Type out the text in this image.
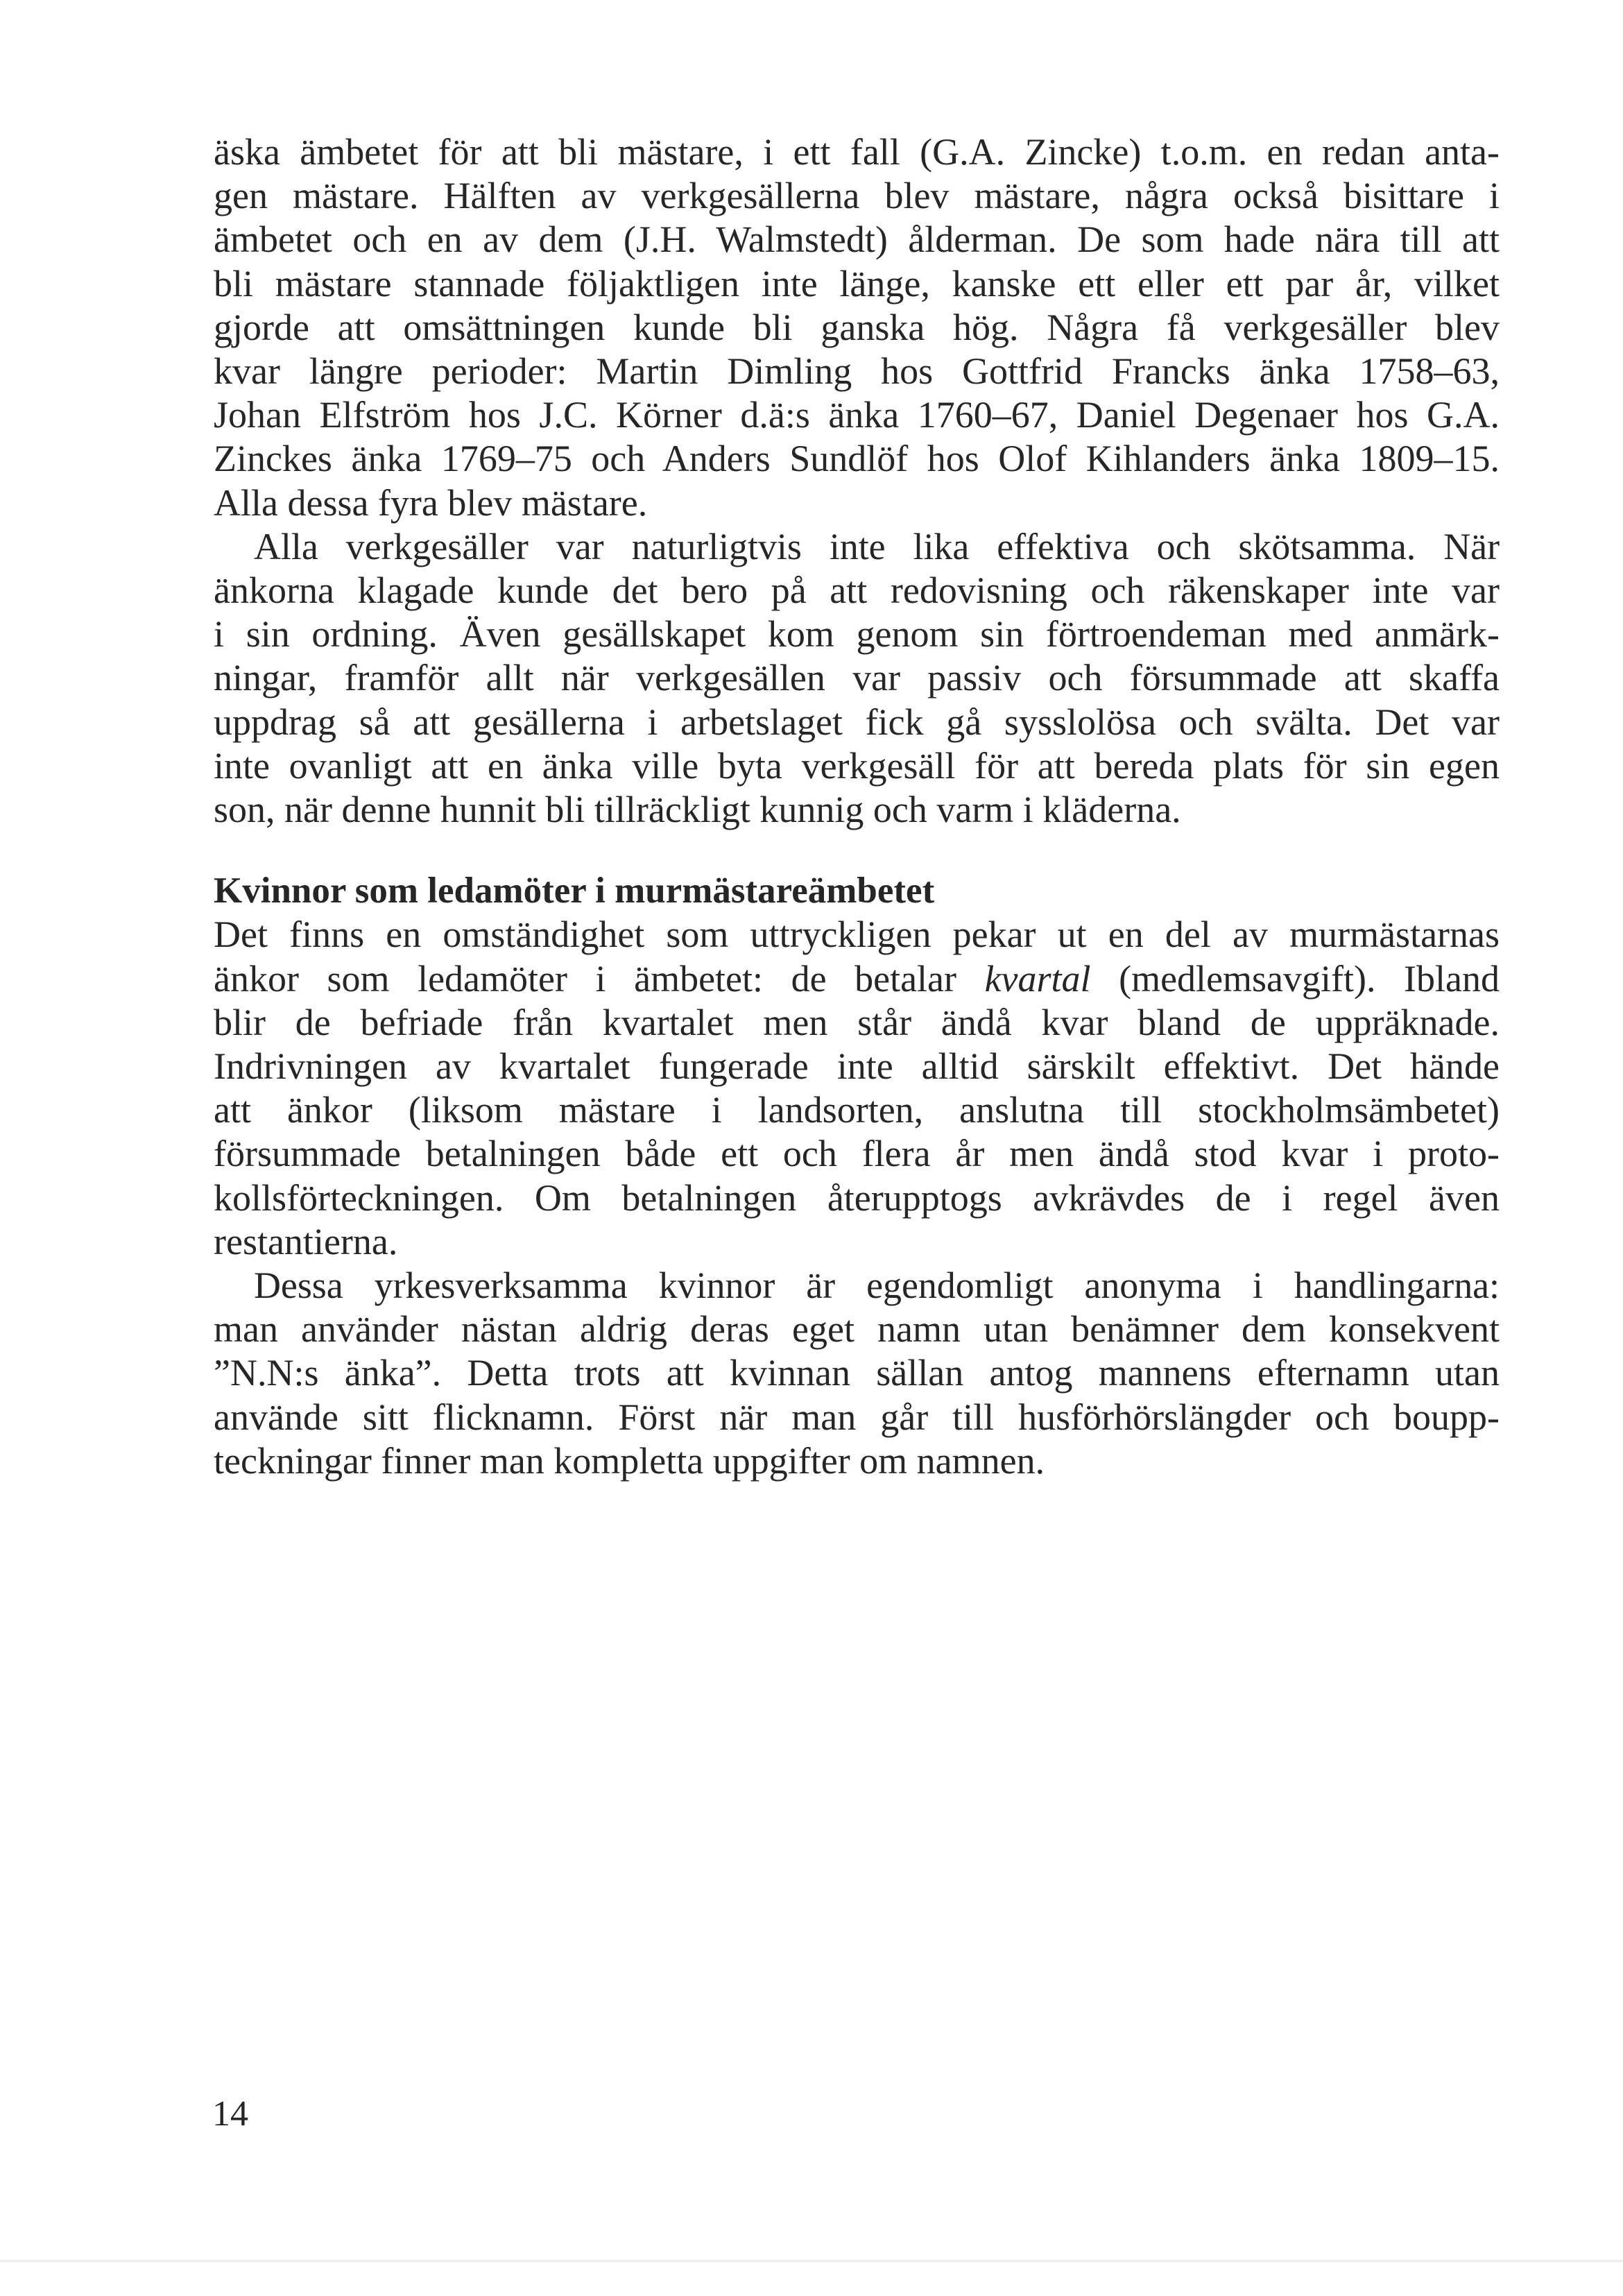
äska ämbetet för att bli mästare, i ett fall (G.A. Zincke) t.o.m. en redan anta-
gen mästare. Hälften av verkgesällerna blev mästare, några också bisittare i
ämbetet och en av dem (J.H. Walmstedt) ålderman. De som hade nära till att
bli mästare stannade följaktligen inte länge, kanske ett eller ett par år, vilket
gjorde att omsättningen kunde bli ganska hög. Några få verkgesäller blev
kvar längre perioder: Martin Dimling hos Gottfrid Francks änka 1758–63,
Johan Elfström hos J.C. Körner d.ä:s änka 1760–67, Daniel Degenaer hos G.A.
Zinckes änka 1769–75 och Anders Sundlöf hos Olof Kihlanders änka 1809–15.
Alla dessa fyra blev mästare.
Alla verkgesäller var naturligtvis inte lika effektiva och skötsamma. När
änkorna klagade kunde det bero på att redovisning och räkenskaper inte var
i sin ordning. Även gesällskapet kom genom sin förtroendeman med anmärk-
ningar, framför allt när verkgesällen var passiv och försummade att skaffa
uppdrag så att gesällerna i arbetslaget fick gå sysslolösa och svälta. Det var
inte ovanligt att en änka ville byta verkgesäll för att bereda plats för sin egen
son, när denne hunnit bli tillräckligt kunnig och varm i kläderna.
Kvinnor som ledamöter i murmästareämbetet
Det finns en omständighet som uttryckligen pekar ut en del av murmästarnas
änkor som ledamöter i ämbetet: de betalar kvartal (medlemsavgift). Ibland
blir de befriade från kvartalet men står ändå kvar bland de uppräknade.
Indrivningen av kvartalet fungerade inte alltid särskilt effektivt. Det hände
att änkor (liksom mästare i landsorten, anslutna till stockholmsämbetet)
försummade betalningen både ett och flera år men ändå stod kvar i proto-
kollsförteckningen. Om betalningen återupptogs avkrävdes de i regel även
restantierna.
Dessa yrkesverksamma kvinnor är egendomligt anonyma i handlingarna:
man använder nästan aldrig deras eget namn utan benämner dem konsekvent
”N.N:s änka”. Detta trots att kvinnan sällan antog mannens efternamn utan
använde sitt flicknamn. Först när man går till husförhörslängder och boupp-
teckningar finner man kompletta uppgifter om namnen.
14
